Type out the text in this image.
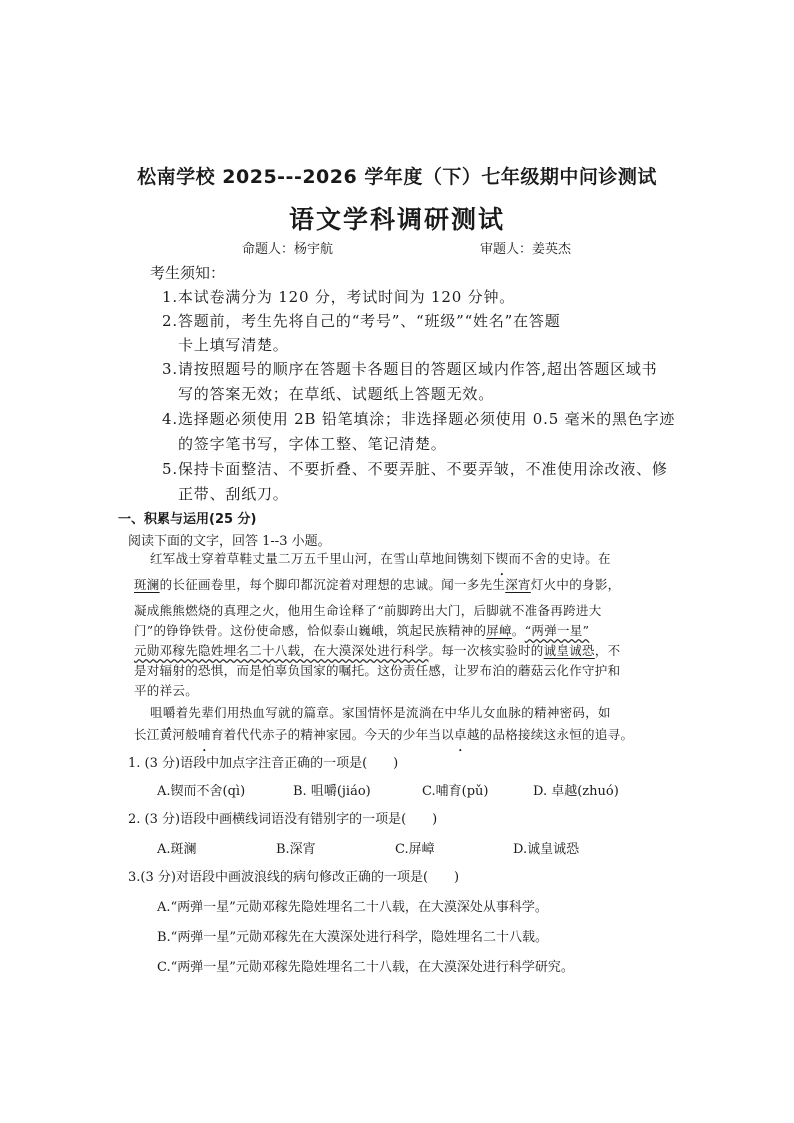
松南学校 2025---2026 学年度（下）七年级期中问诊测试
语文学科调研测试
命题人：杨宇航	审题人：姜英杰
考生须知：
1.本试卷满分为 120 分，考试时间为 120 分钟。
2.答题前，考生先将自己的“考号”、“班级”“姓名”在答题
卡上填写清楚。
3.请按照题号的顺序在答题卡各题目的答题区域内作答,超出答题区域书
写的答案无效；在草纸、试题纸上答题无效。
4.选择题必须使用 2B 铅笔填涂；非选择题必须使用 0.5 毫米的黑色字迹
的签字笔书写，字体工整、笔记清楚。
5.保持卡面整洁、不要折叠、不要弄脏、不要弄皱，不准使用涂改液、修
正带、刮纸刀。
一、积累与运用(25 分)
阅读下面的文字，回答 1--3 小题。
红军战士穿着草鞋丈量二万五千里山河，在雪山草地间镌刻下锲而不舍的史诗。在
斑澜的长征画卷里，每个脚印都沉淀着对理想的忠诚。闻一多先生深宵灯火中的身影，
凝成熊熊燃烧的真理之火，他用生命诠释了“前脚跨出大门，后脚就不准备再跨进大
门”的铮铮铁骨。这份使命感，恰似泰山巍峨，筑起民族精神的屏嶂。“两弹一星”
元勋邓稼先隐姓埋名二十八载，在大漠深处进行科学。每一次核实验时的诚皇诚恐，不
是对辐射的恐惧，而是怕辜负国家的嘱托。这份责任感，让罗布泊的蘑菇云化作守护和
平的祥云。
咀嚼着先辈们用热血写就的篇章。家国情怀是流淌在中华儿女血脉的精神密码，如
长江黄河般哺育着代代赤子的精神家园。今天的少年当以卓越的品格接续这永恒的追寻。
1. (3 分)语段中加点字注音正确的一项是(　　)
A.锲而不舍(qì)	B. 咀嚼(jiáo)	C.哺育(pǔ)	D. 卓越(zhuó)
2. (3 分)语段中画横线词语没有错别字的一项是(　　)
A.斑澜	B.深宵	C.屏嶂	D.诚皇诚恐
3.(3 分)对语段中画波浪线的病句修改正确的一项是(　　)
A.“两弹一星”元勋邓稼先隐姓埋名二十八载，在大漠深处从事科学。
B.“两弹一星”元勋邓稼先在大漠深处进行科学，隐姓埋名二十八载。
C.“两弹一星”元勋邓稼先隐姓埋名二十八载，在大漠深处进行科学研究。
